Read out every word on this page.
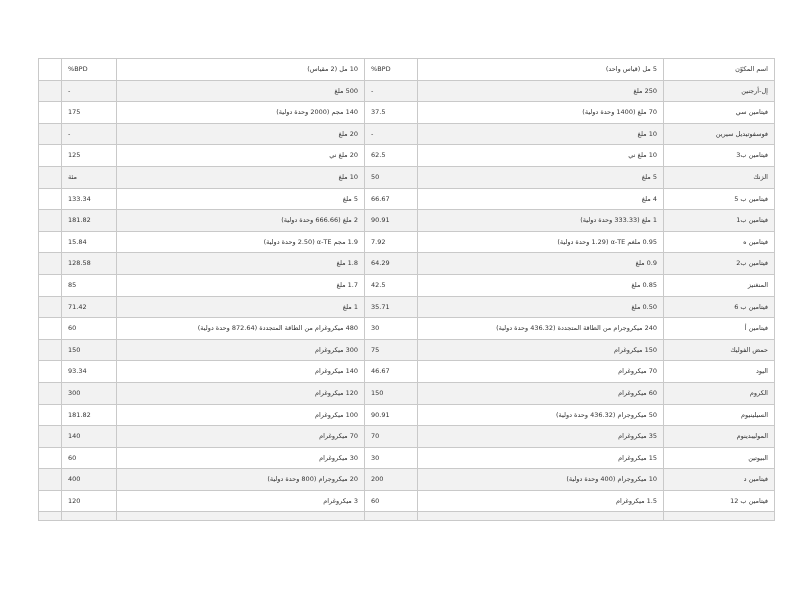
اسم المكوّن	5 مل (قياس واحد)	BPD%	10 مل (2 مقياس)	BPD%	
إل-أرجنين	250 ملغ	-	500 ملغ	-	
فيتامين سي	70 ملغ (1400 وحدة دولية)	37.5	140 مجم (2000 وحدة دولية)	175	
فوسفوتيديل سيرين	10 ملغ	-	20 ملغ	-	
فيتامين ب3	10 ملغ ني	62.5	20 ملغ ني	125	
الزنك	5 ملغ	50	10 ملغ	مئة	
فيتامين ب 5	4 ملغ	66.67	5 ملغ	133.34	
فيتامين ب1	1 ملغ (333.33 وحدة دولية)	90.91	2 ملغ (666.66 وحدة دولية)	181.82	
فيتامين ه	0.95 ملغم α-TE (1.29 وحدة دولية)	7.92	1.9 مجم α-TE (2.50 وحدة دولية)	15.84	
فيتامين ب2	0.9 ملغ	64.29	1.8 ملغ	128.58	
المنغنيز	0.85 ملغ	42.5	1.7 ملغ	85	
فيتامين ب 6	0.50 ملغ	35.71	1 ملغ	71.42	
فيتامين أ	240 ميكروجرام من الطاقة المتجددة (436.32 وحدة دولية)	30	480 ميكروغرام من الطاقة المتجددة (872.64 وحدة دولية)	60	
حمض الفوليك	150 ميكروغرام	75	300 ميكروغرام	150	
اليود	70 ميكروغرام	46.67	140 ميكروغرام	93.34	
الكروم	60 ميكروغرام	150	120 ميكروغرام	300	
السيلينيوم	50 ميكروجرام (436.32 وحدة دولية)	90.91	100 ميكروغرام	181.82	
الموليبدينوم	35 ميكروغرام	70	70 ميكروغرام	140	
البيوتين	15 ميكروغرام	30	30 ميكروغرام	60	
فيتامين د	10 ميكروجرام (400 وحدة دولية)	200	20 ميكروجرام (800 وحدة دولية)	400	
فيتامين ب 12	1.5 ميكروغرام	60	3 ميكروغرام	120	
